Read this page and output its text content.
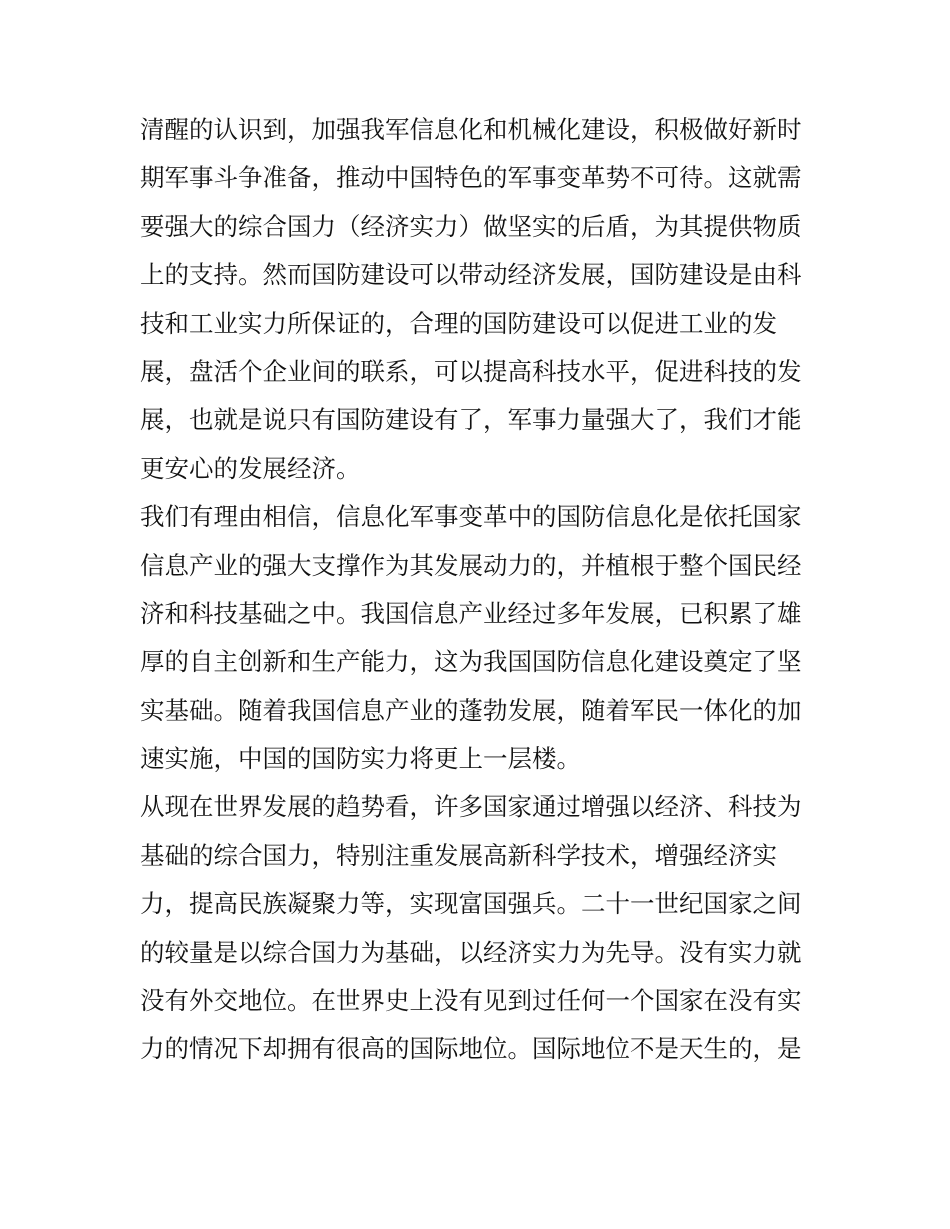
清醒的认识到，加强我军信息化和机械化建设，积极做好新时
期军事斗争准备，推动中国特色的军事变革势不可待。这就需
要强大的综合国力（经济实力）做坚实的后盾，为其提供物质
上的支持。然而国防建设可以带动经济发展，国防建设是由科
技和工业实力所保证的，合理的国防建设可以促进工业的发
展，盘活个企业间的联系，可以提高科技水平，促进科技的发
展，也就是说只有国防建设有了，军事力量强大了，我们才能
更安心的发展经济。
我们有理由相信，信息化军事变革中的国防信息化是依托国家
信息产业的强大支撑作为其发展动力的，并植根于整个国民经
济和科技基础之中。我国信息产业经过多年发展，已积累了雄
厚的自主创新和生产能力，这为我国国防信息化建设奠定了坚
实基础。随着我国信息产业的蓬勃发展，随着军民一体化的加
速实施，中国的国防实力将更上一层楼。
从现在世界发展的趋势看，许多国家通过增强以经济、科技为
基础的综合国力，特别注重发展高新科学技术，增强经济实
力，提高民族凝聚力等，实现富国强兵。二十一世纪国家之间
的较量是以综合国力为基础，以经济实力为先导。没有实力就
没有外交地位。在世界史上没有见到过任何一个国家在没有实
力的情况下却拥有很高的国际地位。国际地位不是天生的，是
